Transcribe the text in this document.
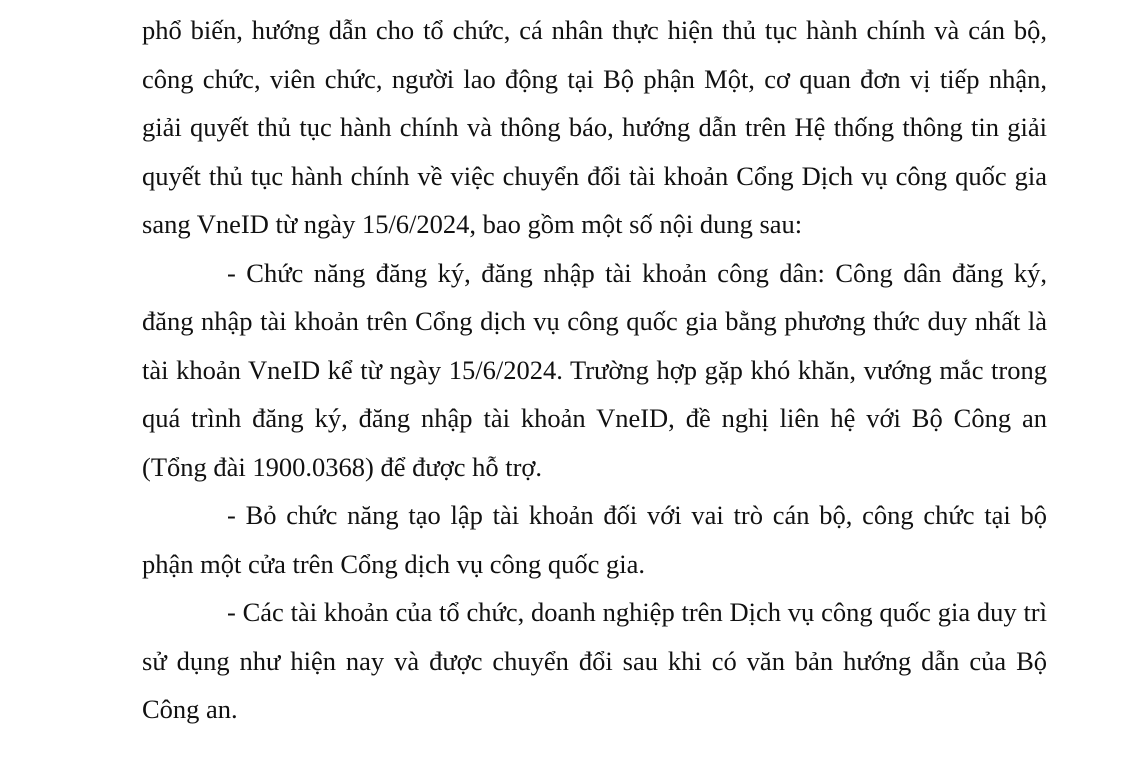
phổ biến, hướng dẫn cho tổ chức, cá nhân thực hiện thủ tục hành chính và cán bộ, công chức, viên chức, người lao động tại Bộ phận Một, cơ quan đơn vị tiếp nhận, giải quyết thủ tục hành chính và thông báo, hướng dẫn trên Hệ thống thông tin giải quyết thủ tục hành chính về việc chuyển đổi tài khoản Cổng Dịch vụ công quốc gia sang VneID từ ngày 15/6/2024, bao gồm một số nội dung sau:

- Chức năng đăng ký, đăng nhập tài khoản công dân: Công dân đăng ký, đăng nhập tài khoản trên Cổng dịch vụ công quốc gia bằng phương thức duy nhất là tài khoản VneID kể từ ngày 15/6/2024. Trường hợp gặp khó khăn, vướng mắc trong quá trình đăng ký, đăng nhập tài khoản VneID, đề nghị liên hệ với Bộ Công an (Tổng đài 1900.0368) để được hỗ trợ.

- Bỏ chức năng tạo lập tài khoản đối với vai trò cán bộ, công chức tại bộ phận một cửa trên Cổng dịch vụ công quốc gia.

- Các tài khoản của tổ chức, doanh nghiệp trên Dịch vụ công quốc gia duy trì sử dụng như hiện nay và được chuyển đổi sau khi có văn bản hướng dẫn của Bộ Công an.
